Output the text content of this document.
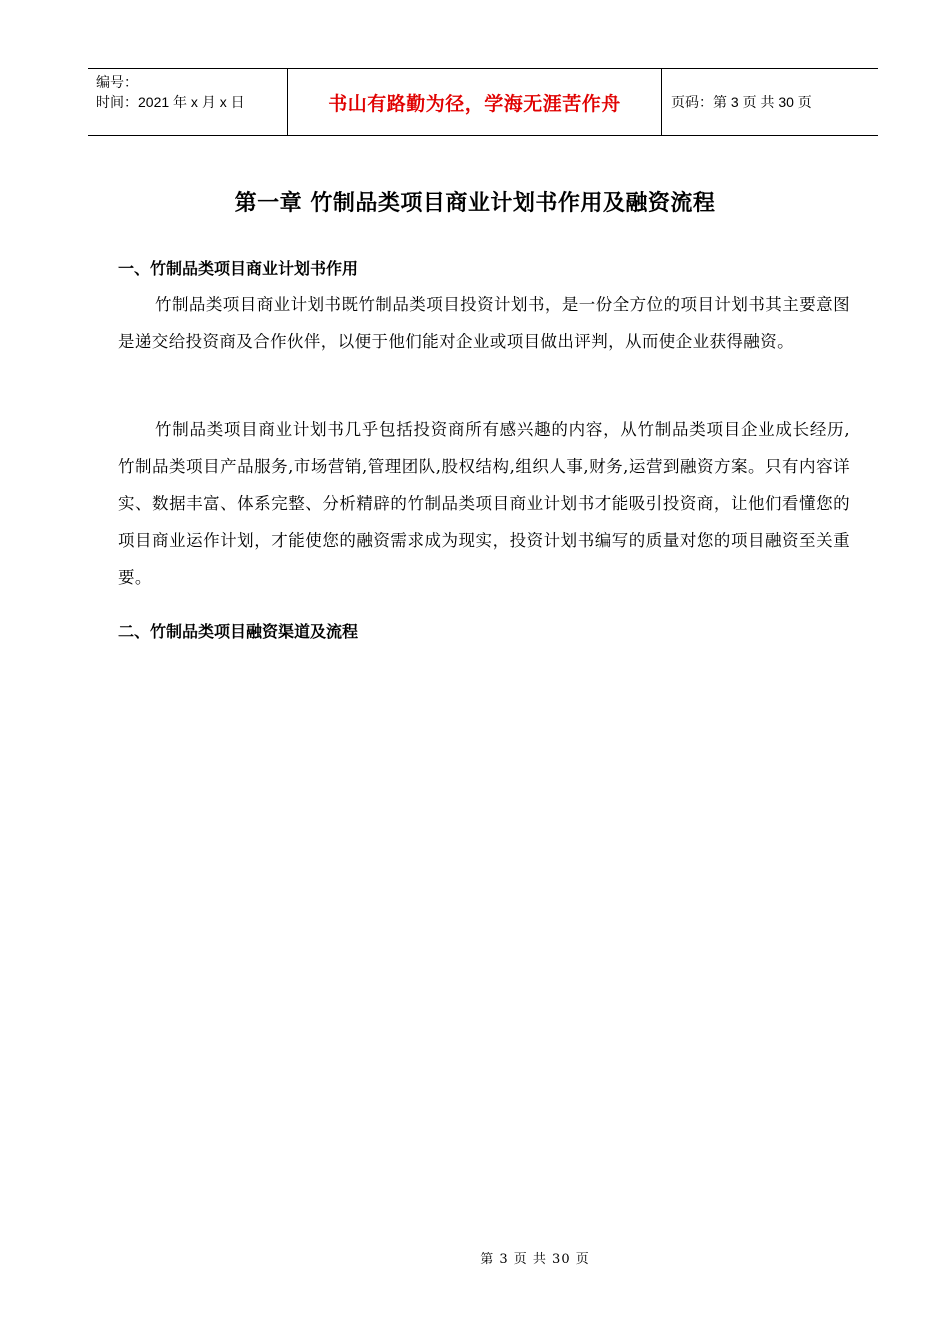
编号：
时间：2021 年 x 月 x 日	书山有路勤为径，学海无涯苦作舟	页码：第 3 页 共 30 页
第一章 竹制品类项目商业计划书作用及融资流程
一、竹制品类项目商业计划书作用

竹制品类项目商业计划书既竹制品类项目投资计划书，是一份全方位的项目计划书其主要意图是递交给投资商及合作伙伴，以便于他们能对企业或项目做出评判，从而使企业获得融资。

竹制品类项目商业计划书几乎包括投资商所有感兴趣的内容，从竹制品类项目企业成长经历, 竹制品类项目产品服务,市场营销,管理团队,股权结构,组织人事,财务,运营到融资方案。只有内容详实、数据丰富、体系完整、分析精辟的竹制品类项目商业计划书才能吸引投资商，让他们看懂您的项目商业运作计划，才能使您的融资需求成为现实，投资计划书编写的质量对您的项目融资至关重要。

二、竹制品类项目融资渠道及流程
第 3 页 共 30 页
